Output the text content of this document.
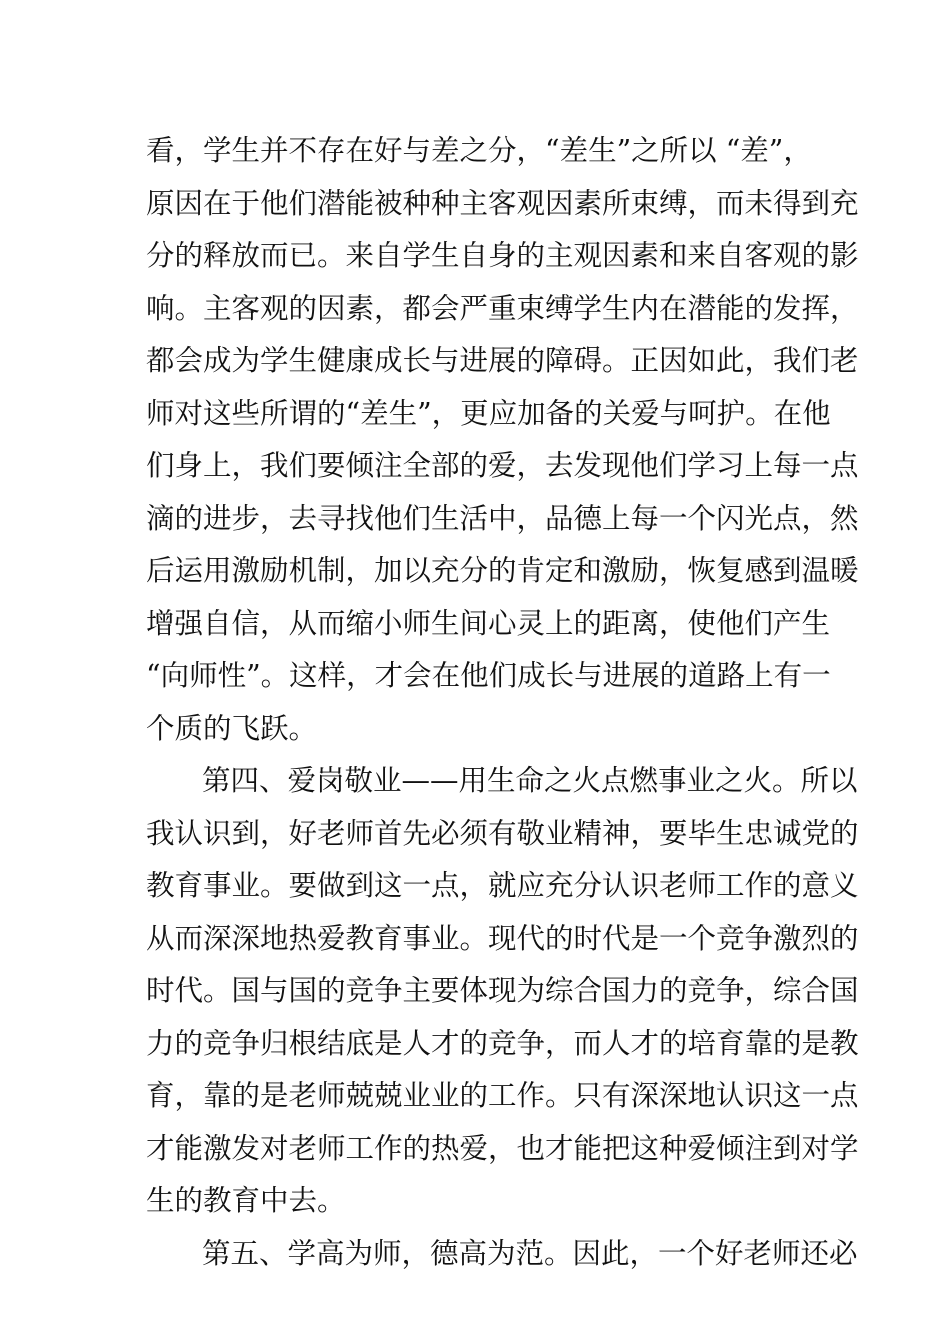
看，学生并不存在好与差之分，“差生”之所以 “差”，
原因在于他们潜能被种种主客观因素所束缚，而未得到充
分的释放而已。来自学生自身的主观因素和来自客观的影
响。主客观的因素，都会严重束缚学生内在潜能的发挥，
都会成为学生健康成长与进展的障碍。正因如此，我们老
师对这些所谓的“差生”，更应加备的关爱与呵护。在他
们身上，我们要倾注全部的爱，去发现他们学习上每一点
滴的进步，去寻找他们生活中，品德上每一个闪光点，然
后运用激励机制，加以充分的肯定和激励，恢复感到温暖
增强自信，从而缩小师生间心灵上的距离，使他们产生
“向师性”。这样，才会在他们成长与进展的道路上有一
个质的飞跃。
第四、爱岗敬业——用生命之火点燃事业之火。所以
我认识到，好老师首先必须有敬业精神，要毕生忠诚党的
教育事业。要做到这一点，就应充分认识老师工作的意义
从而深深地热爱教育事业。现代的时代是一个竞争激烈的
时代。国与国的竞争主要体现为综合国力的竞争，综合国
力的竞争归根结底是人才的竞争，而人才的培育靠的是教
育，靠的是老师兢兢业业的工作。只有深深地认识这一点
才能激发对老师工作的热爱，也才能把这种爱倾注到对学
生的教育中去。
第五、学高为师，德高为范。因此，一个好老师还必
